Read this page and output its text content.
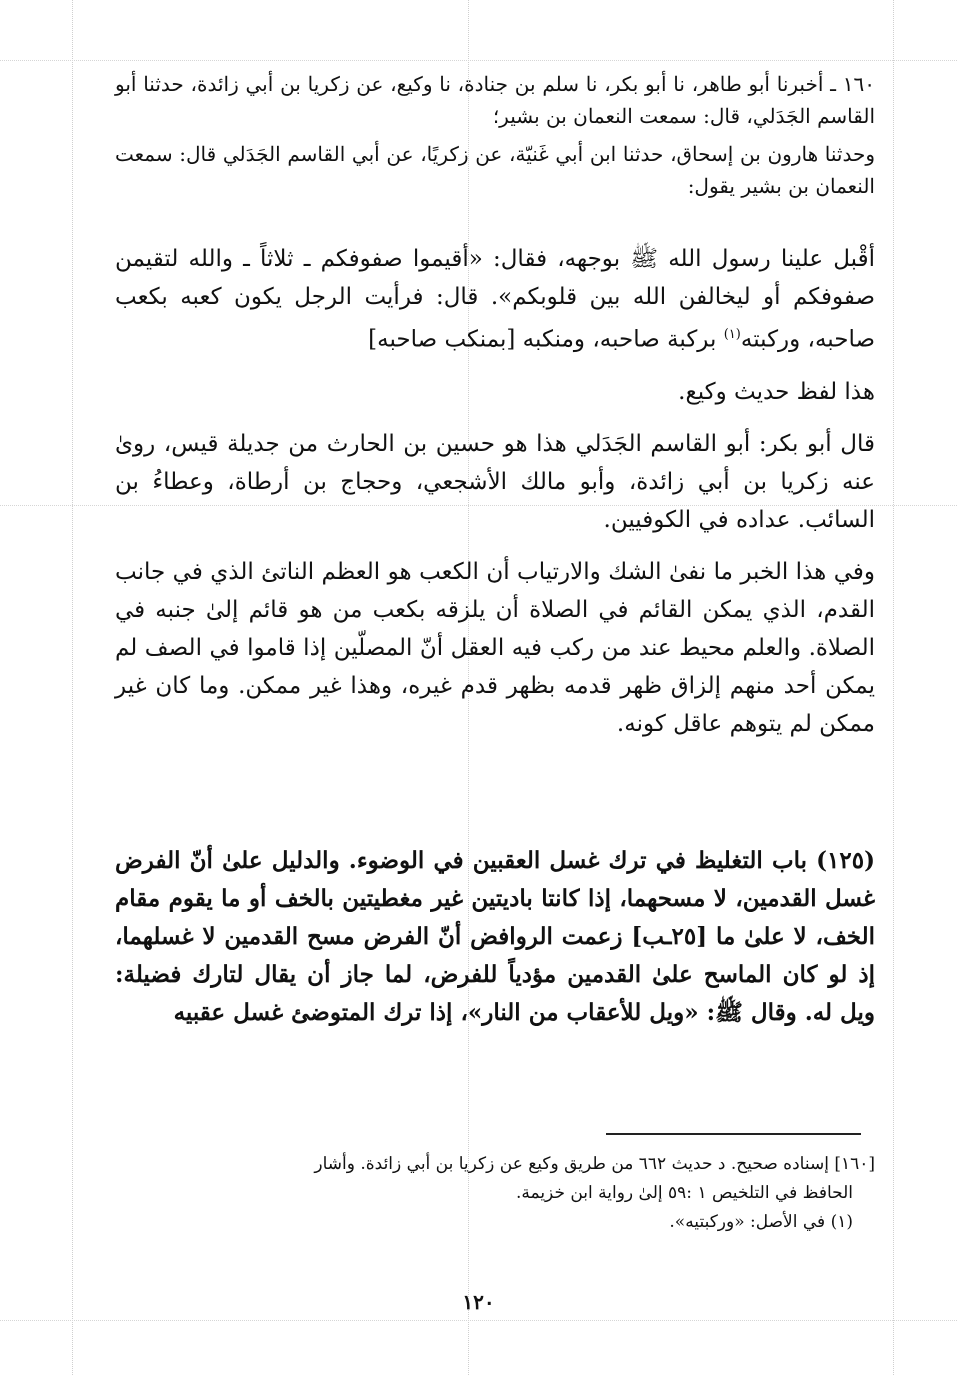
١٦٠ ـ أخبرنا أبو طاهر، نا أبو بكر، نا سلم بن جنادة، نا وكيع، عن زكريا بن أبي زائدة، حدثنا أبو القاسم الجَدَلي، قال: سمعت النعمان بن بشير؛

وحدثنا هارون بن إسحاق، حدثنا ابن أبي غَنيّة، عن زكريًا، عن أبي القاسم الجَدَلي قال: سمعت النعمان بن بشير يقول:

أقْبل علينا رسول الله ﷺ بوجهه، فقال: «أقيموا صفوفكم ـ ثلاثاً ـ والله لتقيمن صفوفكم أو ليخالفن الله بين قلوبكم». قال: فرأيت الرجل يكون كعبه بكعب صاحبه، وركبته$^{(١)}$ بركبة صاحبه، ومنكبه [بمنكب صاحبه]

هذا لفظ حديث وكيع.

قال أبو بكر: أبو القاسم الجَدَلي هذا هو حسين بن الحارث من جديلة قيس، روىٰ عنه زكريا بن أبي زائدة، وأبو مالك الأشجعي، وحجاج بن أرطاة، وعطاءُ بن السائب. عداده في الكوفيين.

وفي هذا الخبر ما نفىٰ الشك والارتياب أن الكعب هو العظم الناتئ الذي في جانب القدم، الذي يمكن القائم في الصلاة أن يلزقه بكعب من هو قائم إلىٰ جنبه في الصلاة. والعلم محيط عند من ركب فيه العقل أنّ المصلّين إذا قاموا في الصف لم يمكن أحد منهم إلزاق ظهر قدمه بظهر قدم غيره، وهذا غير ممكن. وما كان غير ممكن لم يتوهم عاقل كونه.

(١٢٥) باب التغليظ في ترك غسل العقبين في الوضوء. والدليل علىٰ أنّ الفرض غسل القدمين، لا مسحهما، إذا كانتا باديتين غير مغطيتين بالخف أو ما يقوم مقام الخف، لا علىٰ ما [٢٥ـب] زعمت الروافض أنّ الفرض مسح القدمين لا غسلهما، إذ لو كان الماسح علىٰ القدمين مؤدياً للفرض، لما جاز أن يقال لتارك فضيلة: ويل له. وقال ﷺ: «ويل للأعقاب من النار»، إذا ترك المتوضئ غسل عقبيه

[١٦٠] إسناده صحيح. د حديث ٦٦٢ من طريق وكيع عن زكريا بن أبي زائدة. وأشار

الحافظ في التلخيص ١ :٥٩ إلىٰ رواية ابن خزيمة.

(١) في الأصل: «وركبتيه».

١٢٠
